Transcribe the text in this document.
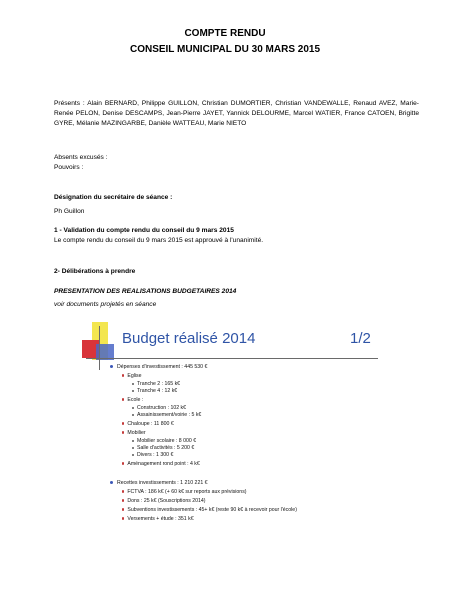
COMPTE RENDU
CONSEIL MUNICIPAL DU 30 MARS 2015
Présents : Alain BERNARD, Philippe GUILLON, Christian DUMORTIER, Christian VANDEWALLE, Renaud AVEZ, Marie-Renée PELON, Denise DESCAMPS, Jean-Pierre JAYET, Yannick DELOURME, Marcel WATIER, France CATOEN, Brigitte GYRE, Mélanie MAZINGARBE, Danièle WATTEAU, Marie NIETO
Absents excusés :
Pouvoirs :
Désignation du secrétaire de séance :
Ph Guillon
1 - Validation du compte rendu du conseil du 9 mars 2015
Le compte rendu du conseil du 9 mars 2015 est approuvé à l'unanimité.
2- Délibérations à prendre
PRESENTATION DES REALISATIONS BUDGETAIRES 2014
voir documents projetés en séance
Budget réalisé 2014	1/2
Dépenses d'investissement : 445 530 €
Eglise
Tranche 2 : 165 k€
Tranche 4 : 12 k€
Ecole :
Construction : 102 k€
Assainissement/voirie : 5 k€
Chaloupe : 11 800 €
Mobilier
Mobilier scolaire : 8 000 €
Salle d'activités : 5 200 €
Divers : 1 300 €
Aménagement rond point : 4 k€
Recettes investissements : 1 210 221 €
FCTVA : 186 k€ (+ 60 k€ sur reports aux prévisions)
Dons : 25 k€ (Souscriptions 2014)
Subventions investissements : 45+ k€ (reste 90 k€ à recevoir pour l'école)
Versements + étude : 351 k€
